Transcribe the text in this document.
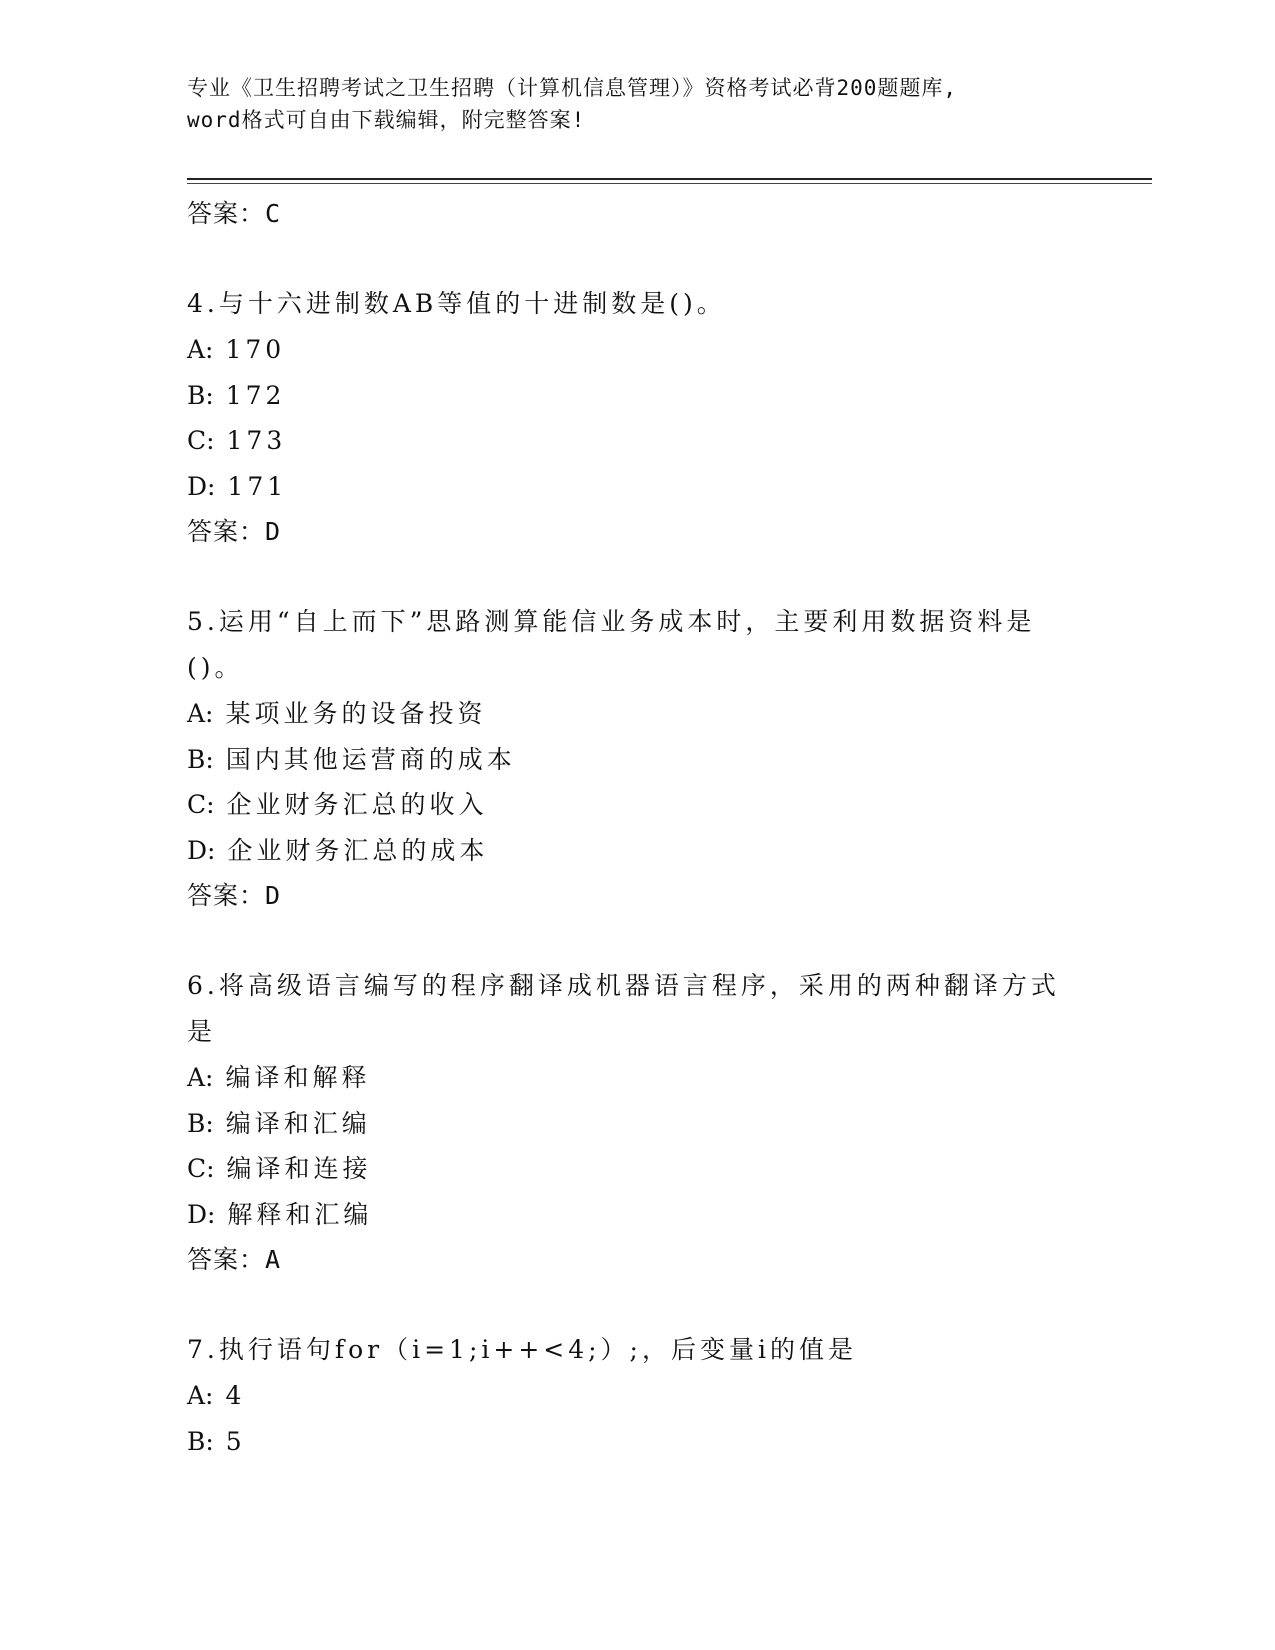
专业《卫生招聘考试之卫生招聘（计算机信息管理）》资格考试必背200题题库,
word格式可自由下载编辑，附完整答案!
答案：C
4.与十六进制数AB等值的十进制数是()。
A: 170
B: 172
C: 173
D: 171
答案：D
5.运用“自上而下”思路测算能信业务成本时，主要利用数据资料是()。
A: 某项业务的设备投资
B: 国内其他运营商的成本
C: 企业财务汇总的收入
D: 企业财务汇总的成本
答案：D
6.将高级语言编写的程序翻译成机器语言程序，采用的两种翻译方式是
A: 编译和解释
B: 编译和汇编
C: 编译和连接
D: 解释和汇编
答案：A
7.执行语句for（i=1;i++<4;）;，后变量i的值是
A: 4
B: 5
